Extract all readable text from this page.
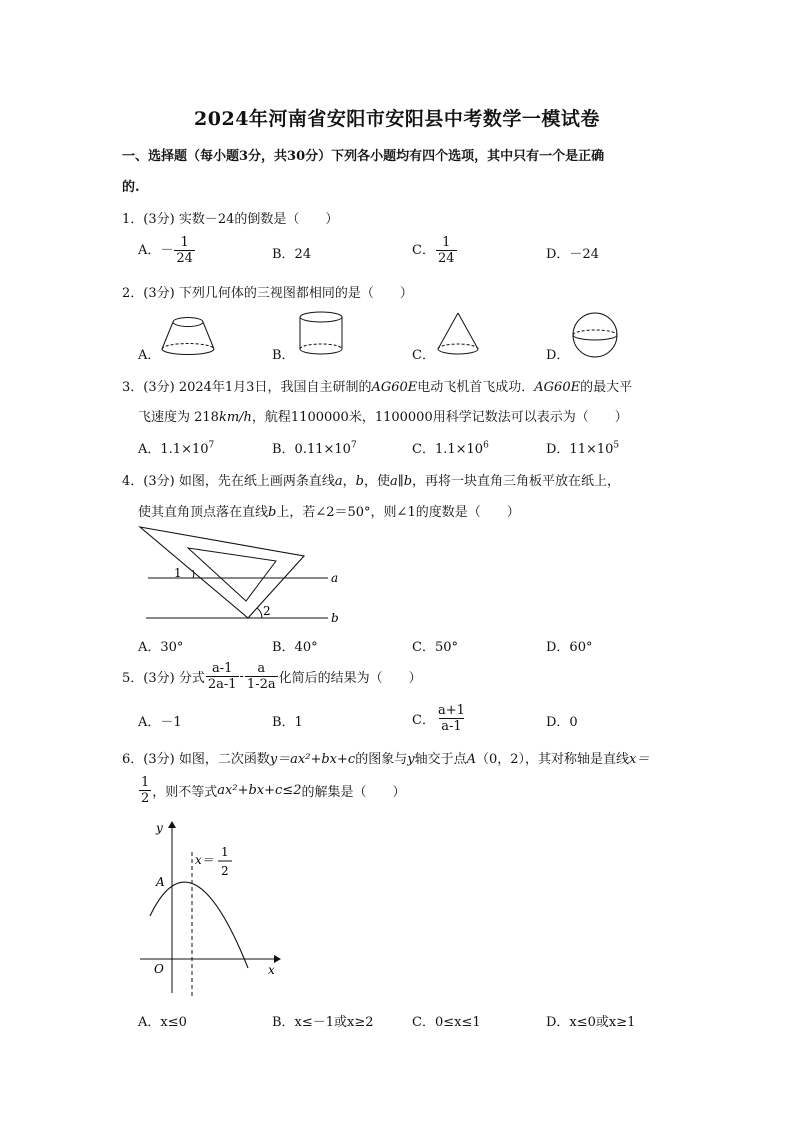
2024年河南省安阳市安阳县中考数学一模试卷
一、选择题（每小题3分，共30分）下列各小题均有四个选项，其中只有一个是正确
的.
1．(3分) 实数－24的倒数是（　　）
A．－ $\frac{1}{24}$	B．24	C． $\frac{1}{24}$	D．－24
2．(3分) 下列几何体的三视图都相同的是（　　）
A．	B．	C．	D．
3．(3分) 2024年1月3日，我国自主研制的AG60E电动飞机首飞成功．AG60E的最大平
飞速度为 218km/h，航程1100000米，1100000用科学记数法可以表示为（　　）
A．$1.1\times 10^7$	B．$0.11\times 10^7$	C．$1.1\times 10^6$	D．$11\times 10^5$
4．(3分) 如图，先在纸上画两条直线a，b，使a∥b，再将一块直角三角板平放在纸上，
使其直角顶点落在直线b上，若∠2＝50°，则∠1的度数是（　　）
1
2
a
b
A．30°	B．40°	C．50°	D．60°
5．(3分) 分式 $\frac{a-1}{2a-1} - \frac{a}{1-2a}$ 化简后的结果为（　　）
A．－1	B．1	C． $\frac{a+1}{a-1}$	D．0
6．(3分) 如图，二次函数y＝ax²+bx+c的图象与y轴交于点A（0，2），其对称轴是直线x＝
$\frac{1}{2}$ ，则不等式 ax²+bx+c≤2 的解集是（　　）
y
x
O
A
x＝
1
2
A．x≤0	B．x≤－1或x≥2	C．0≤x≤1	D．x≤0或x≥1
